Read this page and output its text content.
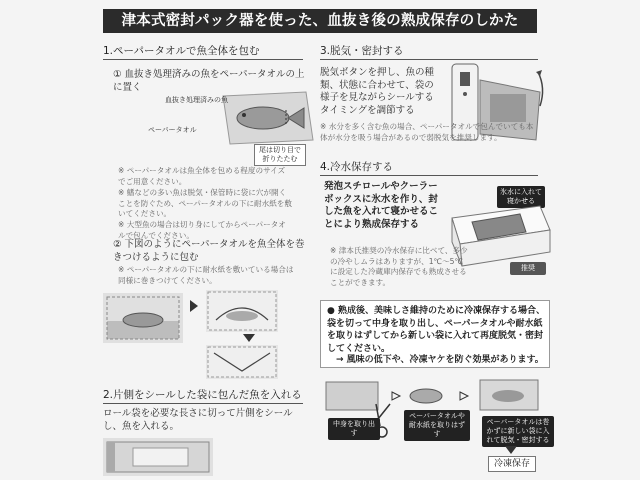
津本式密封パック器を使った、血抜き後の熟成保存のしかた
1.ペーパータオルで魚全体を包む
① 血抜き処理済みの魚をペーパータオルの上に置く
血抜き処理済みの魚
ペーパータオル
尾は切り目で折りたたむ
※ ペーパータオルは魚全体を包める程度のサイズでご用意ください。
※ 鰭などの多い魚は脱気・保管時に袋に穴が開くことを防ぐため、ペーパータオルの下に耐水紙を敷いてください。
※ 大型魚の場合は切り身にしてからペーパータオルで包んでください。
② 下図のようにペーパータオルを魚全体を巻きつけるように包む
※ ペーパータオルの下に耐水紙を敷いている場合は同様に巻きつけてください。
2.片側をシールした袋に包んだ魚を入れる
ロール袋を必要な長さに切って片側をシールし、魚を入れる。
3.脱気・密封する
脱気ボタンを押し、魚の種類、状態に合わせて、袋の様子を見ながらシールするタイミングを調節する
※ 水分を多く含む魚の場合、ペーパータオルで包んでいても本体が水分を吸う場合があるので弱脱気を推奨します。
4.冷水保存する
発泡スチロールやクーラーボックスに氷水を作り、封した魚を入れて寝かせることにより熟成保存する
氷水に入れて寝かせる
推奨
※ 津本氏推奨の冷水保存に比べて、多少の冷やしムラはありますが、1℃〜5℃に設定した冷蔵庫内保存でも熟成させることができます。
● 熟成後、美味しさ維持のために冷凍保存する場合、袋を切って中身を取り出し、ペーパータオルや耐水紙を取りはずしてから新しい袋に入れて再度脱気・密封してください。
→ 風味の低下や、冷凍ヤケを防ぐ効果があります。
中身を取り出す
ペーパータオルや耐水紙を取りはずす
ペーパータオルは巻かずに新しい袋に入れて脱気・密封する
冷凍保存
